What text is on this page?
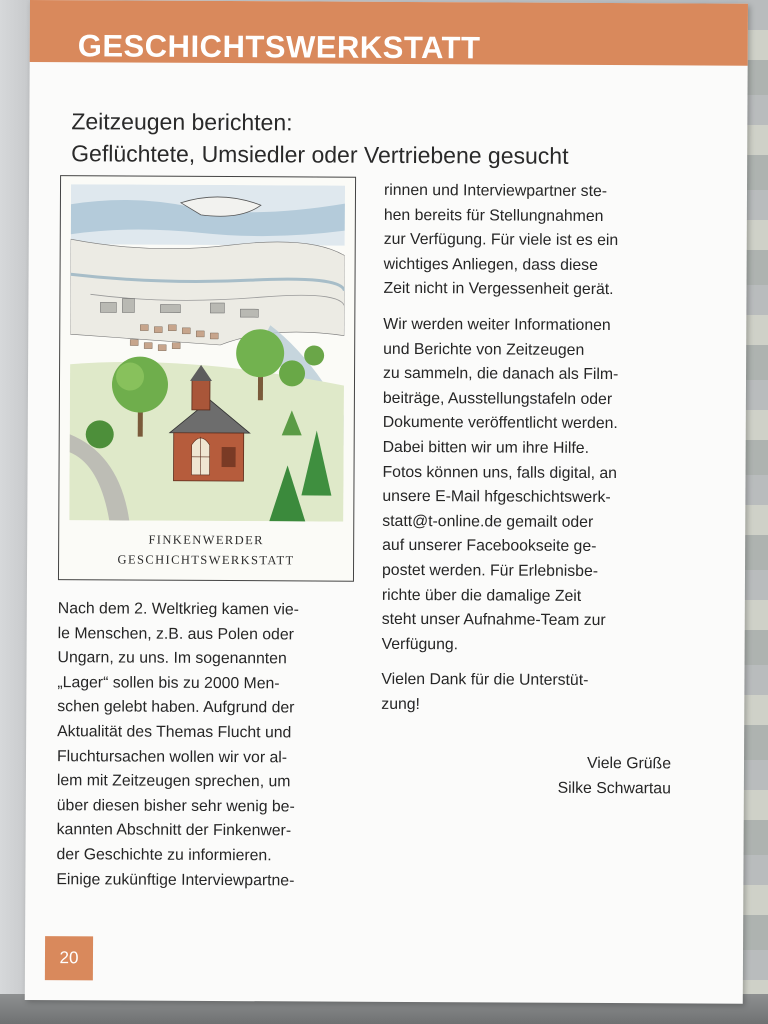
GESCHICHTSWERKSTATT
Zeitzeugen berichten:
Geflüchtete, Umsiedler oder Vertriebene gesucht
FINKENWERDER
GESCHICHTSWERKSTATT

Nach dem 2. Weltkrieg kamen vie-

le Menschen, z.B. aus Polen oder

Ungarn, zu uns. Im sogenannten

„Lager“ sollen bis zu 2000 Men-

schen gelebt haben. Aufgrund der

Aktualität des Themas Flucht und

Fluchtursachen wollen wir vor al-

lem mit Zeitzeugen sprechen, um

über diesen bisher sehr wenig be-

kannten Abschnitt der Finkenwer-

der Geschichte zu informieren.

Einige zukünftige Interviewpartne-

rinnen und Interviewpartner ste-

hen bereits für Stellungnahmen

zur Verfügung. Für viele ist es ein

wichtiges Anliegen, dass diese

Zeit nicht in Vergessenheit gerät.

Wir werden weiter Informationen

und Berichte von Zeitzeugen

zu sammeln, die danach als Film-

beiträge, Ausstellungstafeln oder

Dokumente veröffentlicht werden.

Dabei bitten wir um ihre Hilfe.

Fotos können uns, falls digital, an

unsere E-Mail hfgeschichtswerk-

statt@t-online.de gemailt oder

auf unserer Facebookseite ge-

postet werden. Für Erlebnisbe-

richte über die damalige Zeit

steht unser Aufnahme-Team zur

Verfügung.

Vielen Dank für die Unterstüt-

zung!

Viele Grüße

Silke Schwartau

20
